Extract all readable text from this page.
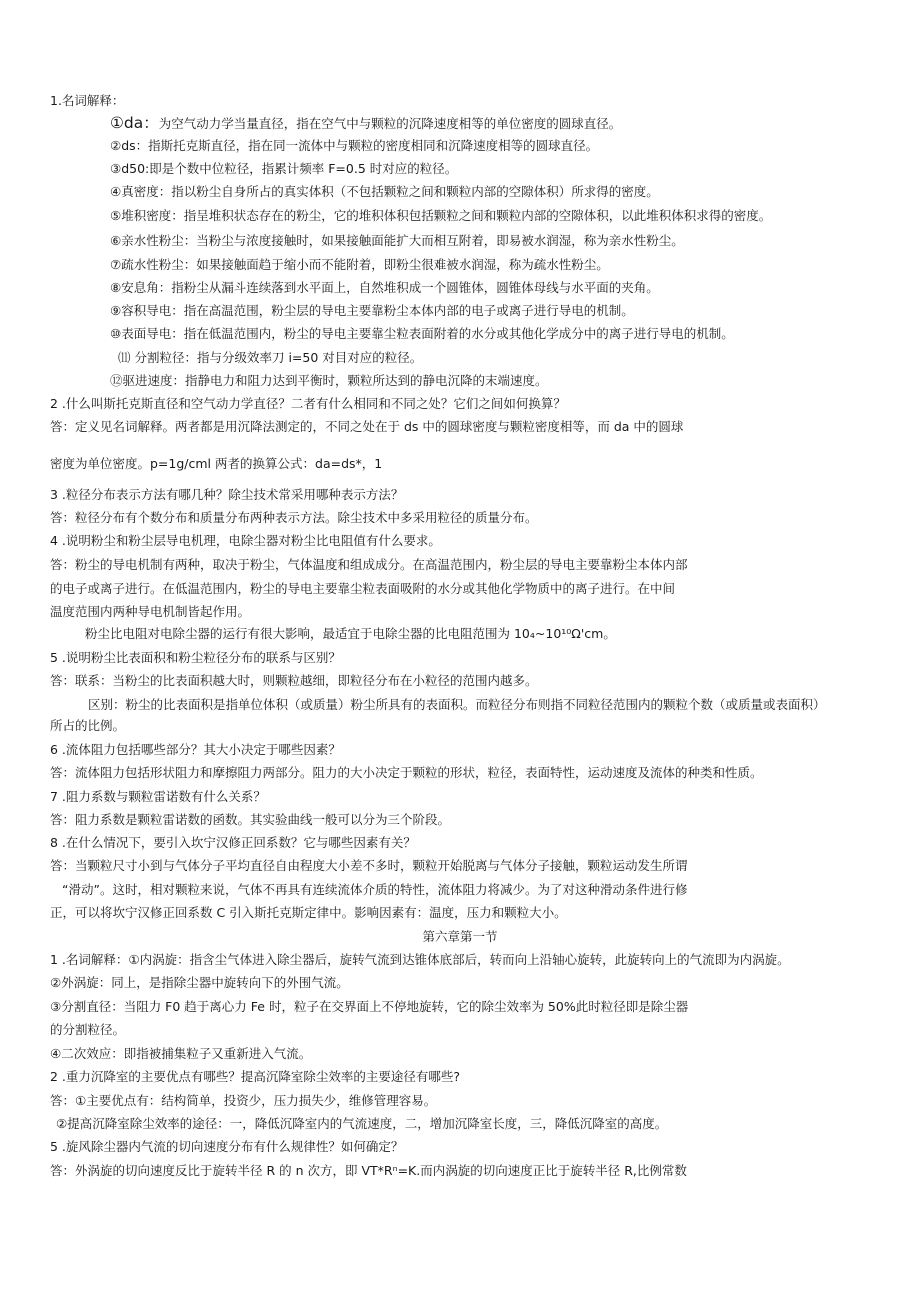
1.名词解释：
①da：为空气动力学当量直径，指在空气中与颗粒的沉降速度相等的单位密度的圆球直径。
②ds：指斯托克斯直径，指在同一流体中与颗粒的密度相同和沉降速度相等的圆球直径。
③d50:即是个数中位粒径，指累计频率 F=0.5 时对应的粒径。
④真密度：指以粉尘自身所占的真实体积（不包括颗粒之间和颗粒内部的空隙体积）所求得的密度。
⑤堆积密度：指呈堆积状态存在的粉尘，它的堆积体积包括颗粒之间和颗粒内部的空隙体积，以此堆积体积求得的密度。
⑥亲水性粉尘：当粉尘与浓度接触时，如果接触面能扩大而相互附着，即易被水润湿，称为亲水性粉尘。
⑦疏水性粉尘：如果接触面趋于缩小而不能附着，即粉尘很难被水润湿，称为疏水性粉尘。
⑧安息角：指粉尘从漏斗连续落到水平面上，自然堆积成一个圆锥体，圆锥体母线与水平面的夹角。
⑨容积导电：指在高温范围，粉尘层的导电主要靠粉尘本体内部的电子或离子进行导电的机制。
⑩表面导电：指在低温范围内，粉尘的导电主要靠尘粒表面附着的水分或其他化学成分中的离子进行导电的机制。
⑾ 分割粒径：指与分级效率刀 i=50 对目对应的粒径。
⑫驱进速度：指静电力和阻力达到平衡时，颗粒所达到的静电沉降的末端速度。
2 .什么叫斯托克斯直径和空气动力学直径？二者有什么相同和不同之处？它们之间如何换算？
答：定义见名词解释。两者都是用沉降法测定的，不同之处在于 ds 中的圆球密度与颗粒密度相等，而 da 中的圆球
密度为单位密度。p=1g/cml 两者的换算公式：da=ds*，1
3 .粒径分布表示方法有哪几种？除尘技术常采用哪种表示方法？
答：粒径分布有个数分布和质量分布两种表示方法。除尘技术中多采用粒径的质量分布。
4 .说明粉尘和粉尘层导电机理，电除尘器对粉尘比电阻值有什么要求。
答：粉尘的导电机制有两种，取决于粉尘，气体温度和组成成分。在高温范围内，粉尘层的导电主要靠粉尘本体内部
的电子或离子进行。在低温范围内，粉尘的导电主要靠尘粒表面吸附的水分或其他化学物质中的离子进行。在中间
温度范围内两种导电机制皆起作用。
粉尘比电阻对电除尘器的运行有很大影响，最适宜于电除尘器的比电阻范围为 10₄~10¹⁰Ω'cm。
5 .说明粉尘比表面积和粉尘粒径分布的联系与区别？
答：联系：当粉尘的比表面积越大时，则颗粒越细，即粒径分布在小粒径的范围内越多。
区别：粉尘的比表面积是指单位体积（或质量）粉尘所具有的表面积。而粒径分布则指不同粒径范围内的颗粒个数（或质量或表面积）
所占的比例。
6 .流体阻力包括哪些部分？其大小决定于哪些因素？
答：流体阻力包括形状阻力和摩擦阻力两部分。阻力的大小决定于颗粒的形状，粒径，表面特性，运动速度及流体的种类和性质。
7 .阻力系数与颗粒雷诺数有什么关系？
答：阻力系数是颗粒雷诺数的函数。其实验曲线一般可以分为三个阶段。
8 .在什么情况下，要引入坎宁汉修正回系数？它与哪些因素有关？
答：当颗粒尺寸小到与气体分子平均直径自由程度大小差不多时，颗粒开始脱离与气体分子接触，颗粒运动发生所谓
“滑动”。这时，相对颗粒来说，气体不再具有连续流体介质的特性，流体阻力将减少。为了对这种滑动条件进行修
正，可以将坎宁汉修正回系数 C 引入斯托克斯定律中。影响因素有：温度，压力和颗粒大小。
第六章第一节
1 .名词解释：①内涡旋：指含尘气体进入除尘器后，旋转气流到达锥体底部后，转而向上沿轴心旋转，此旋转向上的气流即为内涡旋。
②外涡旋：同上，是指除尘器中旋转向下的外围气流。
③分割直径：当阻力 F0 趋于离心力 Fe 时，粒子在交界面上不停地旋转，它的除尘效率为 50%此时粒径即是除尘器
的分割粒径。
④二次效应：即指被捕集粒子又重新进入气流。
2 .重力沉降室的主要优点有哪些？提高沉降室除尘效率的主要途径有哪些?
答：①主要优点有：结构简单，投资少，压力损失少，维修管理容易。
②提高沉降室除尘效率的途径：一，降低沉降室内的气流速度，二，增加沉降室长度，三，降低沉降室的高度。
5 .旋风除尘器内气流的切向速度分布有什么规律性？如何确定？
答：外涡旋的切向速度反比于旋转半径 R 的 n 次方，即 VT*Rⁿ=K.而内涡旋的切向速度正比于旋转半径 R,比例常数
